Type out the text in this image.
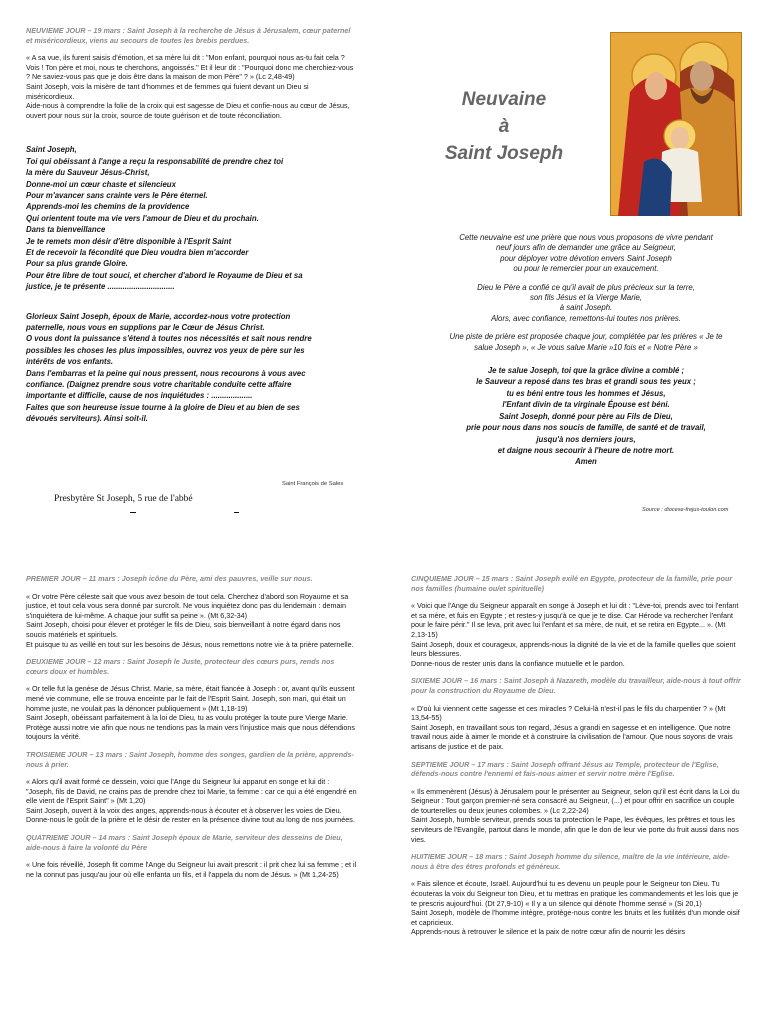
NEUVIEME JOUR – 19 mars : Saint Joseph à la recherche de Jésus à Jérusalem, cœur paternel et miséricordieux, viens au secours de toutes les brebis perdues.

« A sa vue, ils furent saisis d'émotion, et sa mère lui dit : "Mon enfant, pourquoi nous as-tu fait cela ? Vois ! Ton père et moi, nous te cherchons, angoissés." Et il leur dit : "Pourquoi donc me cherchiez-vous ? Ne saviez-vous pas que je dois être dans la maison de mon Père" ? » (Lc 2,48-49)

Saint Joseph, vois la misère de tant d'hommes et de femmes qui fuient devant un Dieu si miséricordieux.

Aide-nous à comprendre la folie de la croix qui est sagesse de Dieu et confie-nous au cœur de Jésus, ouvert pour nous sur la croix, source de toute guérison et de toute réconciliation.

Saint Joseph,

Toi qui obéissant à l'ange a reçu la responsabilité de prendre chez toi

la mère du Sauveur Jésus-Christ,

Donne-moi un cœur chaste et silencieux

Pour m'avancer sans crainte vers le Père éternel.

Apprends-moi les chemins de la providence

Qui orientent toute ma vie vers l'amour de Dieu et du prochain.

Dans ta bienveillance

Je te remets mon désir d'être disponible à l'Esprit Saint

Et de recevoir la fécondité que Dieu voudra bien m'accorder

Pour sa plus grande Gloire.

Pour être libre de tout souci, et chercher d'abord le Royaume de Dieu et sa

justice, je te présente ...............................

Glorieux Saint Joseph, époux de Marie, accordez-nous votre protection

paternelle, nous vous en supplions par le Cœur de Jésus Christ.

O vous dont la puissance s'étend à toutes nos nécessités et sait nous rendre

possibles les choses les plus impossibles, ouvrez vos yeux de père sur les

intérêts de vos enfants.

Dans l'embarras et la peine qui nous pressent, nous recourons à vous avec

confiance. (Daignez prendre sous votre charitable conduite cette affaire

importante et difficile, cause de nos inquiétudes : ...................

Faites que son heureuse issue tourne à la gloire de Dieu et au bien de ses

dévoués serviteurs). Ainsi soit-il.

Saint François de Sales
Presbytère St Joseph, 5 rue de l'abbé
Neuvaine
à
Saint Joseph

Cette neuvaine est une prière que nous vous proposons de vivre pendant

neuf jours afin de demander une grâce au Seigneur,

pour déployer votre dévotion envers Saint Joseph

ou pour le remercier pour un exaucement.

Dieu le Père a confié ce qu'il avait de plus précieux sur la terre,

son fils Jésus et la Vierge Marie,

à saint Joseph.

Alors, avec confiance, remettons-lui toutes nos prières.

Une piste de prière est proposée chaque jour, complétée par les prières « Je te

salue Joseph », « Je vous salue Marie »10 fois et « Notre Père »

Je te salue Joseph, toi que la grâce divine a comblé ;

le Sauveur a reposé dans tes bras et grandi sous tes yeux ;

tu es béni entre tous les hommes et Jésus,

l'Enfant divin de ta virginale Épouse est béni.

Saint Joseph, donné pour père au Fils de Dieu,

prie pour nous dans nos soucis de famille, de santé et de travail,

jusqu'à nos derniers jours,

et daigne nous secourir à l'heure de notre mort.

Amen

Source : diocese-frejus-toulon.com

PREMIER JOUR – 11 mars : Joseph icône du Père, ami des pauvres, veille sur nous.

« Or votre Père céleste sait que vous avez besoin de tout cela. Cherchez d'abord son Royaume et sa justice, et tout cela vous sera donné par surcroît. Ne vous inquiétez donc pas du lendemain : demain s'inquiétera de lui-même. A chaque jour suffit sa peine ». (Mt 6,32-34)

Saint Joseph, choisi pour élever et protéger le fils de Dieu, sois bienveillant à notre égard dans nos soucis matériels et spirituels.

Et puisque tu as veillé en tout sur les besoins de Jésus, nous remettons notre vie à ta prière paternelle.

DEUXIEME JOUR – 12 mars : Saint Joseph le Juste, protecteur des cœurs purs, rends nos cœurs doux et humbles.

« Or telle fut la genèse de Jésus Christ. Marie, sa mère, était fiancée à Joseph : or, avant qu'ils eussent mené vie commune, elle se trouva enceinte par le fait de l'Esprit Saint. Joseph, son mari, qui était un homme juste, ne voulait pas la dénoncer publiquement » (Mt 1,18-19)

Saint Joseph, obéissant parfaitement à la loi de Dieu, tu as voulu protéger la toute pure Vierge Marie.

Protège aussi notre vie afin que nous ne tendions pas la main vers l'injustice mais que nous défendions toujours la vérité.

TROISIEME JOUR – 13 mars : Saint Joseph, homme des songes, gardien de la prière, apprends-nous à prier.

« Alors qu'il avait formé ce dessein, voici que l'Ange du Seigneur lui apparut en songe et lui dit : "Joseph, fils de David, ne crains pas de prendre chez toi Marie, ta femme : car ce qui a été engendré en elle vient de l'Esprit Saint" » (Mt 1,20)

Saint Joseph, ouvert à la voix des anges, apprends-nous à écouter et à observer les voies de Dieu.

Donne-nous le goût de la prière et le désir de rester en la présence divine tout au long de nos journées.

QUATRIEME JOUR – 14 mars : Saint Joseph époux de Marie, serviteur des desseins de Dieu, aide-nous à faire la volonté du Père

« Une fois réveillé, Joseph fit comme l'Ange du Seigneur lui avait prescrit : il prit chez lui sa femme ; et il ne la connut pas jusqu'au jour où elle enfanta un fils, et il l'appela du nom de Jésus. » (Mt 1,24-25)

CINQUIEME JOUR – 15 mars : Saint Joseph exilé en Egypte, protecteur de la famille, prie pour nos familles (humaine ou/et spirituelle)

« Voici que l'Ange du Seigneur apparaît en songe à Joseph et lui dit : "Lève-toi, prends avec toi l'enfant et sa mère, et fuis en Egypte ; et restes-y jusqu'à ce que je te dise. Car Hérode va rechercher l'enfant pour le faire périr." Il se leva, prit avec lui l'enfant et sa mère, de nuit, et se retira en Egypte... ». (Mt 2,13-15)

Saint Joseph, doux et courageux, apprends-nous la dignité de la vie et de la famille quelles que soient leurs blessures.

Donne-nous de rester unis dans la confiance mutuelle et le pardon.

SIXIEME JOUR – 16 mars : Saint Joseph à Nazareth, modèle du travailleur, aide-nous à tout offrir pour la construction du Royaume de Dieu.

« D'où lui viennent cette sagesse et ces miracles ? Celui-là n'est-il pas le fils du charpentier ? » (Mt 13,54-55)

Saint Joseph, en travaillant sous ton regard, Jésus a grandi en sagesse et en intelligence. Que notre travail nous aide à aimer le monde et à construire la civilisation de l'amour. Que nous soyons de vrais artisans de justice et de paix.

SEPTIEME JOUR – 17 mars : Saint Joseph offrant Jésus au Temple, protecteur de l'Eglise, défends-nous contre l'ennemi et fais-nous aimer et servir notre mère l'Eglise.

« Ils emmenèrent (Jésus) à Jérusalem pour le présenter au Seigneur, selon qu'il est écrit dans la Loi du Seigneur : Tout garçon premier-né sera consacré au Seigneur, (...) et pour offrir en sacrifice un couple de tourterelles ou deux jeunes colombes. » (Lc 2,22-24)

Saint Joseph, humble serviteur, prends sous ta protection le Pape, les évêques, les prêtres et tous les serviteurs de l'Evangile, partout dans le monde, afin que le don de leur vie porte du fruit aussi dans nos vies.

HUITIEME JOUR – 18 mars : Saint Joseph homme du silence, maître de la vie intérieure, aide-nous à être des êtres profonds et généreux.

« Fais silence et écoute, Israël. Aujourd'hui tu es devenu un peuple pour le Seigneur ton Dieu. Tu écouteras la voix du Seigneur ton Dieu, et tu mettras en pratique les commandements et les lois que je te prescris aujourd'hui. (Dt 27,9-10) « Il y a un silence qui dénote l'homme sensé » (Si 20,1)

Saint Joseph, modèle de l'homme intègre, protège-nous contre les bruits et les futilités d'un monde oisif et capricieux.

Apprends-nous à retrouver le silence et la paix de notre cœur afin de nourrir les désirs
